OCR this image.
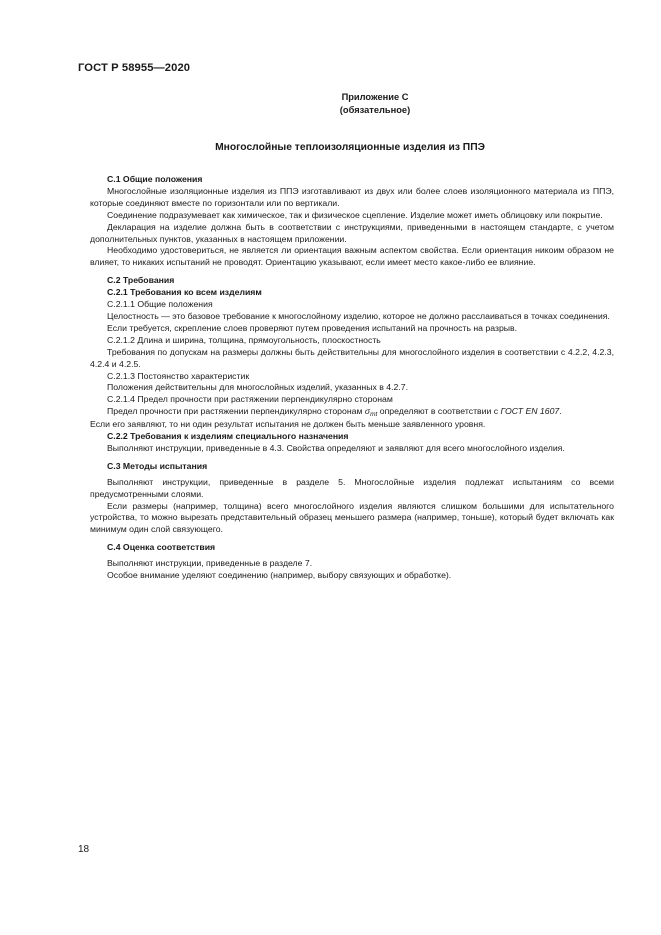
ГОСТ Р 58955—2020
Приложение С
(обязательное)
Многослойные теплоизоляционные изделия из ППЭ

С.1 Общие положения

Многослойные изоляционные изделия из ППЭ изготавливают из двух или более слоев изоляционного материала из ППЭ, которые соединяют вместе по горизонтали или по вертикали.

Соединение подразумевает как химическое, так и физическое сцепление. Изделие может иметь облицовку или покрытие.

Декларация на изделие должна быть в соответствии с инструкциями, приведенными в настоящем стандарте, с учетом дополнительных пунктов, указанных в настоящем приложении.

Необходимо удостовериться, не является ли ориентация важным аспектом свойства. Если ориентация никоим образом не влияет, то никаких испытаний не проводят. Ориентацию указывают, если имеет место какое-либо ее влияние.

С.2 Требования

С.2.1 Требования ко всем изделиям

С.2.1.1 Общие положения

Целостность — это базовое требование к многослойному изделию, которое не должно расслаиваться в точках соединения.

Если требуется, скрепление слоев проверяют путем проведения испытаний на прочность на разрыв.

С.2.1.2 Длина и ширина, толщина, прямоугольность, плоскостность

Требования по допускам на размеры должны быть действительны для многослойного изделия в соответствии с 4.2.2, 4.2.3, 4.2.4 и 4.2.5.

С.2.1.3 Постоянство характеристик

Положения действительны для многослойных изделий, указанных в 4.2.7.

С.2.1.4 Предел прочности при растяжении перпендикулярно сторонам

Предел прочности при растяжении перпендикулярно сторонам $\sigma_{mt}$ определяют в соответствии с ГОСТ EN 1607.

Если его заявляют, то ни один результат испытания не должен быть меньше заявленного уровня.

С.2.2 Требования к изделиям специального назначения

Выполняют инструкции, приведенные в 4.3. Свойства определяют и заявляют для всего многослойного изделия.

С.3 Методы испытания

Выполняют инструкции, приведенные в разделе 5. Многослойные изделия подлежат испытаниям со всеми предусмотренными слоями.

Если размеры (например, толщина) всего многослойного изделия являются слишком большими для испытательного устройства, то можно вырезать представительный образец меньшего размера (например, тоньше), который будет включать как минимум один слой связующего.

С.4 Оценка соответствия

Выполняют инструкции, приведенные в разделе 7.

Особое внимание уделяют соединению (например, выбору связующих и обработке).

18
